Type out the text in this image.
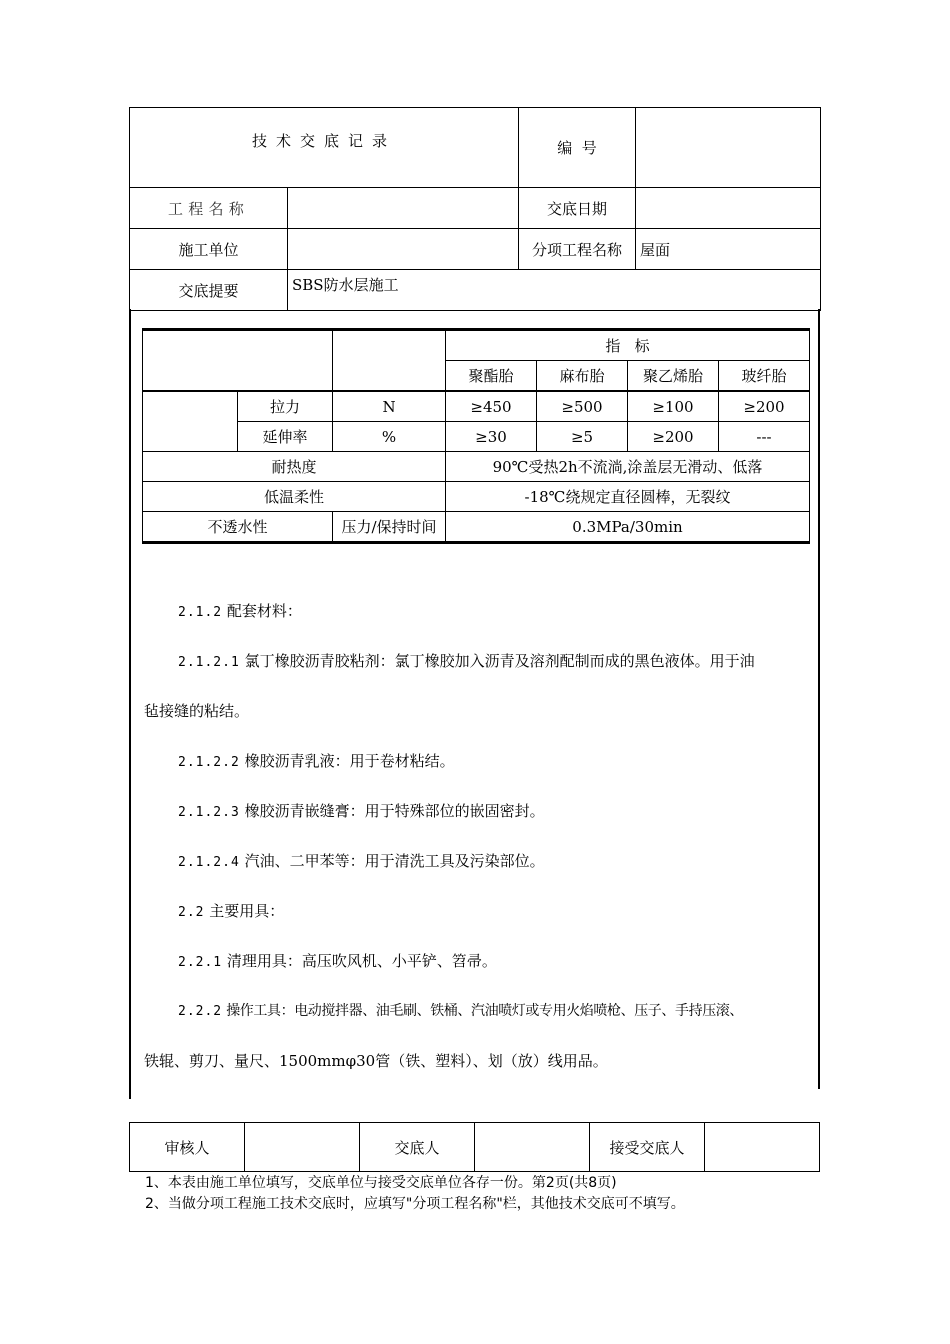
技术交底记录		编  号	
工程名称		交底日期	
施工单位		分项工程名称	屋面
交底提要	SBS防水层施工		
			指   标			
			聚酯胎	麻布胎	聚乙烯胎	玻纤胎
	拉力	N	≥450	≥500	≥100	≥200
	延伸率	%	≥30	≥5	≥200	---
耐热度			90℃受热2h不流淌,涂盖层无滑动、低落			
低温柔性			-18℃绕规定直径圆棒，无裂纹			
不透水性		压力/保持时间	0.3MPa/30min			
2.1.2 配套材料：
2.1.2.1 氯丁橡胶沥青胶粘剂：氯丁橡胶加入沥青及溶剂配制而成的黑色液体。用于油
毡接缝的粘结。
2.1.2.2 橡胶沥青乳液：用于卷材粘结。
2.1.2.3 橡胶沥青嵌缝膏：用于特殊部位的嵌固密封。
2.1.2.4 汽油、二甲苯等：用于清洗工具及污染部位。
2.2 主要用具：
2.2.1 清理用具：高压吹风机、小平铲、笤帚。
2.2.2 操作工具：电动搅拌器、油毛刷、铁桶、汽油喷灯或专用火焰喷枪、压子、手持压滚、
铁辊、剪刀、量尺、1500mmφ30管（铁、塑料）、划（放）线用品。
审核人		交底人		接受交底人	
1、本表由施工单位填写，交底单位与接受交底单位各存一份。第2页(共8页)
2、当做分项工程施工技术交底时，应填写"分项工程名称"栏，其他技术交底可不填写。
